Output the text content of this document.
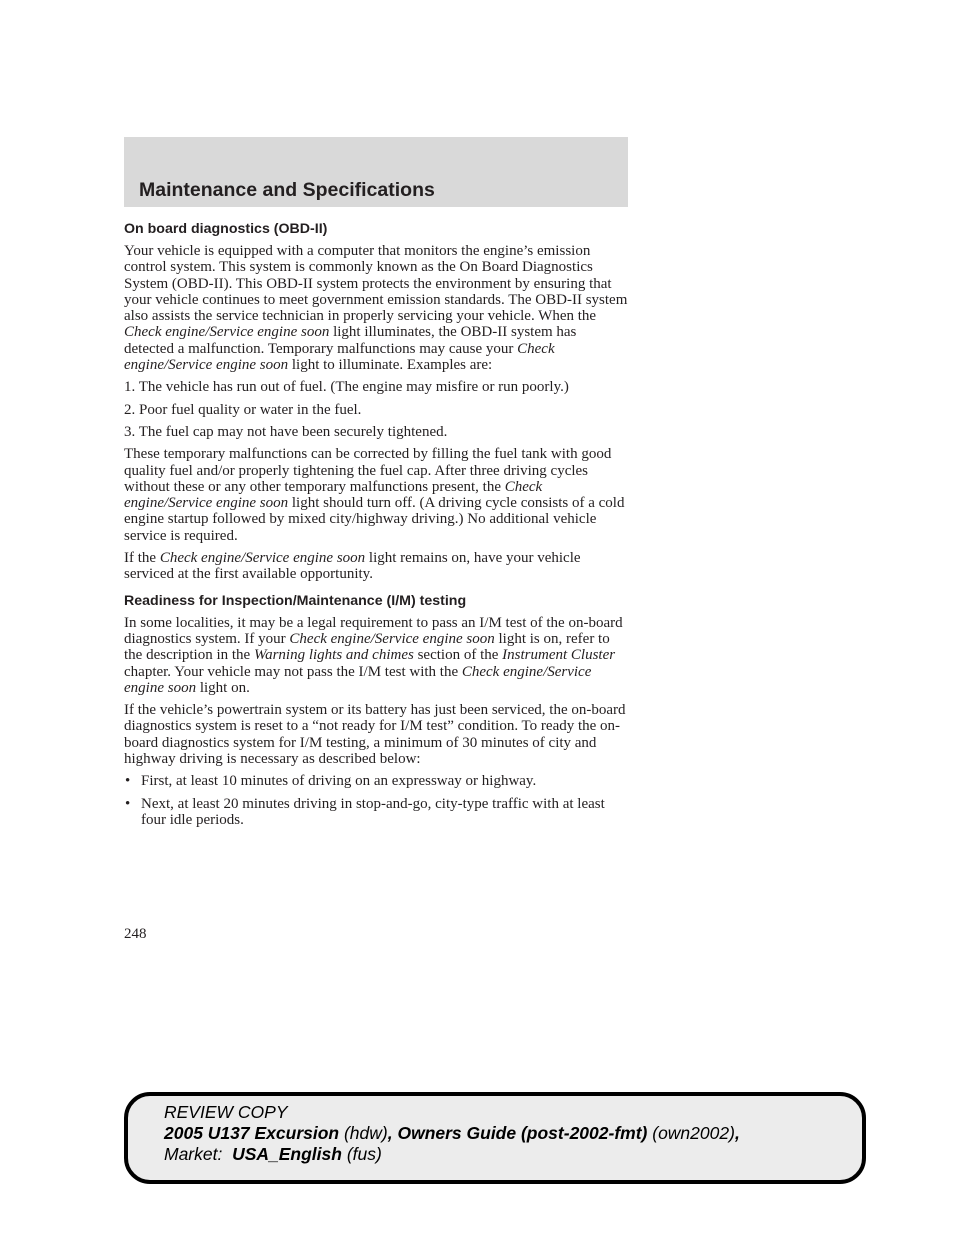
Maintenance and Specifications
On board diagnostics (OBD-II)

Your vehicle is equipped with a computer that monitors the engine’s emission control system. This system is commonly known as the On Board Diagnostics System (OBD-II). This OBD-II system protects the environment by ensuring that your vehicle continues to meet government emission standards. The OBD-II system also assists the service technician in properly servicing your vehicle. When the Check engine/Service engine soon light illuminates, the OBD-II system has detected a malfunction. Temporary malfunctions may cause your Check engine/Service engine soon light to illuminate. Examples are:

1. The vehicle has run out of fuel. (The engine may misfire or run poorly.)

2. Poor fuel quality or water in the fuel.

3. The fuel cap may not have been securely tightened.

These temporary malfunctions can be corrected by filling the fuel tank with good quality fuel and/or properly tightening the fuel cap. After three driving cycles without these or any other temporary malfunctions present, the Check engine/Service engine soon light should turn off. (A driving cycle consists of a cold engine startup followed by mixed city/highway driving.) No additional vehicle service is required.

If the Check engine/Service engine soon light remains on, have your vehicle serviced at the first available opportunity.

Readiness for Inspection/Maintenance (I/M) testing

In some localities, it may be a legal requirement to pass an I/M test of the on-board diagnostics system. If your Check engine/Service engine soon light is on, refer to the description in the Warning lights and chimes section of the Instrument Cluster chapter. Your vehicle may not pass the I/M test with the Check engine/Service engine soon light on.

If the vehicle’s powertrain system or its battery has just been serviced, the on-board diagnostics system is reset to a “not ready for I/M test” condition. To ready the on-board diagnostics system for I/M testing, a minimum of 30 minutes of city and highway driving is necessary as described below:

• First, at least 10 minutes of driving on an expressway or highway.
• Next, at least 20 minutes driving in stop-and-go, city-type traffic with at least four idle periods.
248
REVIEW COPY
2005 U137 Excursion (hdw), Owners Guide (post-2002-fmt) (own2002),
Market:  USA_English (fus)
